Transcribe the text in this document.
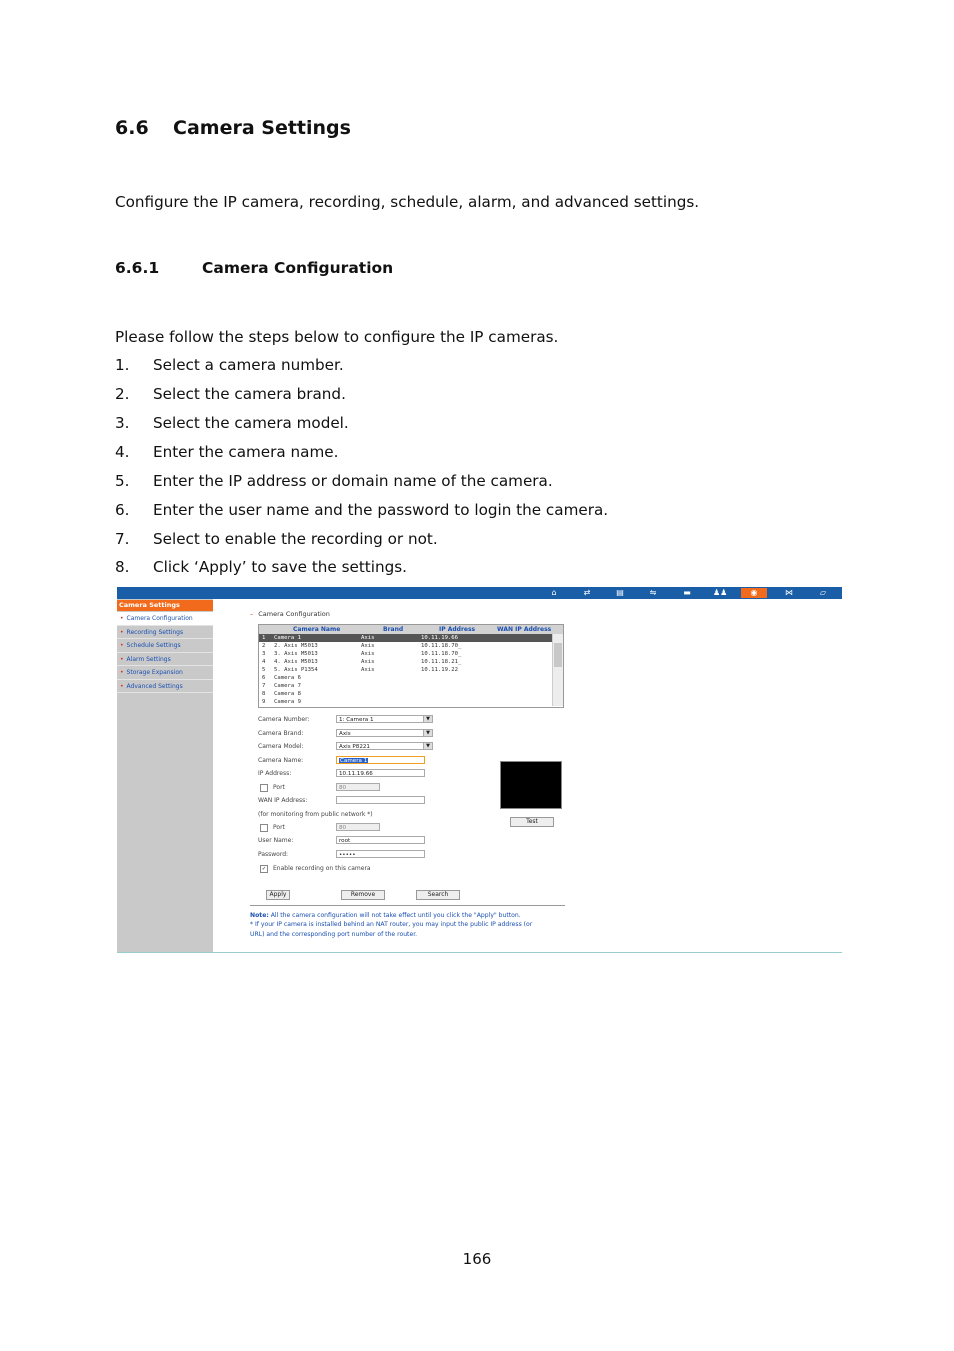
6.6 Camera Settings
Configure the IP camera, recording, schedule, alarm, and advanced settings.
6.6.1	Camera Configuration
Please follow the steps below to configure the IP cameras.
1. Select a camera number.
2. Select the camera brand.
3. Select the camera model.
4. Enter the camera name.
5. Enter the IP address or domain name of the camera.
6. Enter the user name and the password to login the camera.
7. Select to enable the recording or not.
8. Click ‘Apply’ to save the settings.
⌂	⇄	▤	⇋	▬	♟♟	◉	⋈	▱
Camera Settings
• Camera Configuration
• Recording Settings
• Schedule Settings
• Alarm Settings
• Storage Expansion
• Advanced Settings
– Camera Configuration
Camera Name	Brand	IP Address	WAN IP Address
1 Camera 1	Axis	10.11.19.66
2 2. Axis M5013	Axis	10.11.18.70_
3 3. Axis M5013	Axis	10.11.18.70_
4 4. Axis M5013	Axis	10.11.18.21_
5 5. Axis P1354	Axis	10.11.19.22
6 Camera 6
7 Camera 7
8 Camera 8
9 Camera 9
Camera Number:	1: Camera 1	▼
Camera Brand:	Axis	▼
Camera Model:	Axis P8221	▼
Camera Name:	Camera 1
IP Address:	10.11.19.66
Port	80
WAN IP Address:
(for monitoring from public network *)
Port	80
User Name:	root
Password:	•••••
✓	Enable recording on this camera
Test
Apply	Remove	Search
Note: All the camera configuration will not take effect until you click the "Apply" button.
* If your IP camera is installed behind an NAT router, you may input the public IP address (or
URL) and the corresponding port number of the router.
166
